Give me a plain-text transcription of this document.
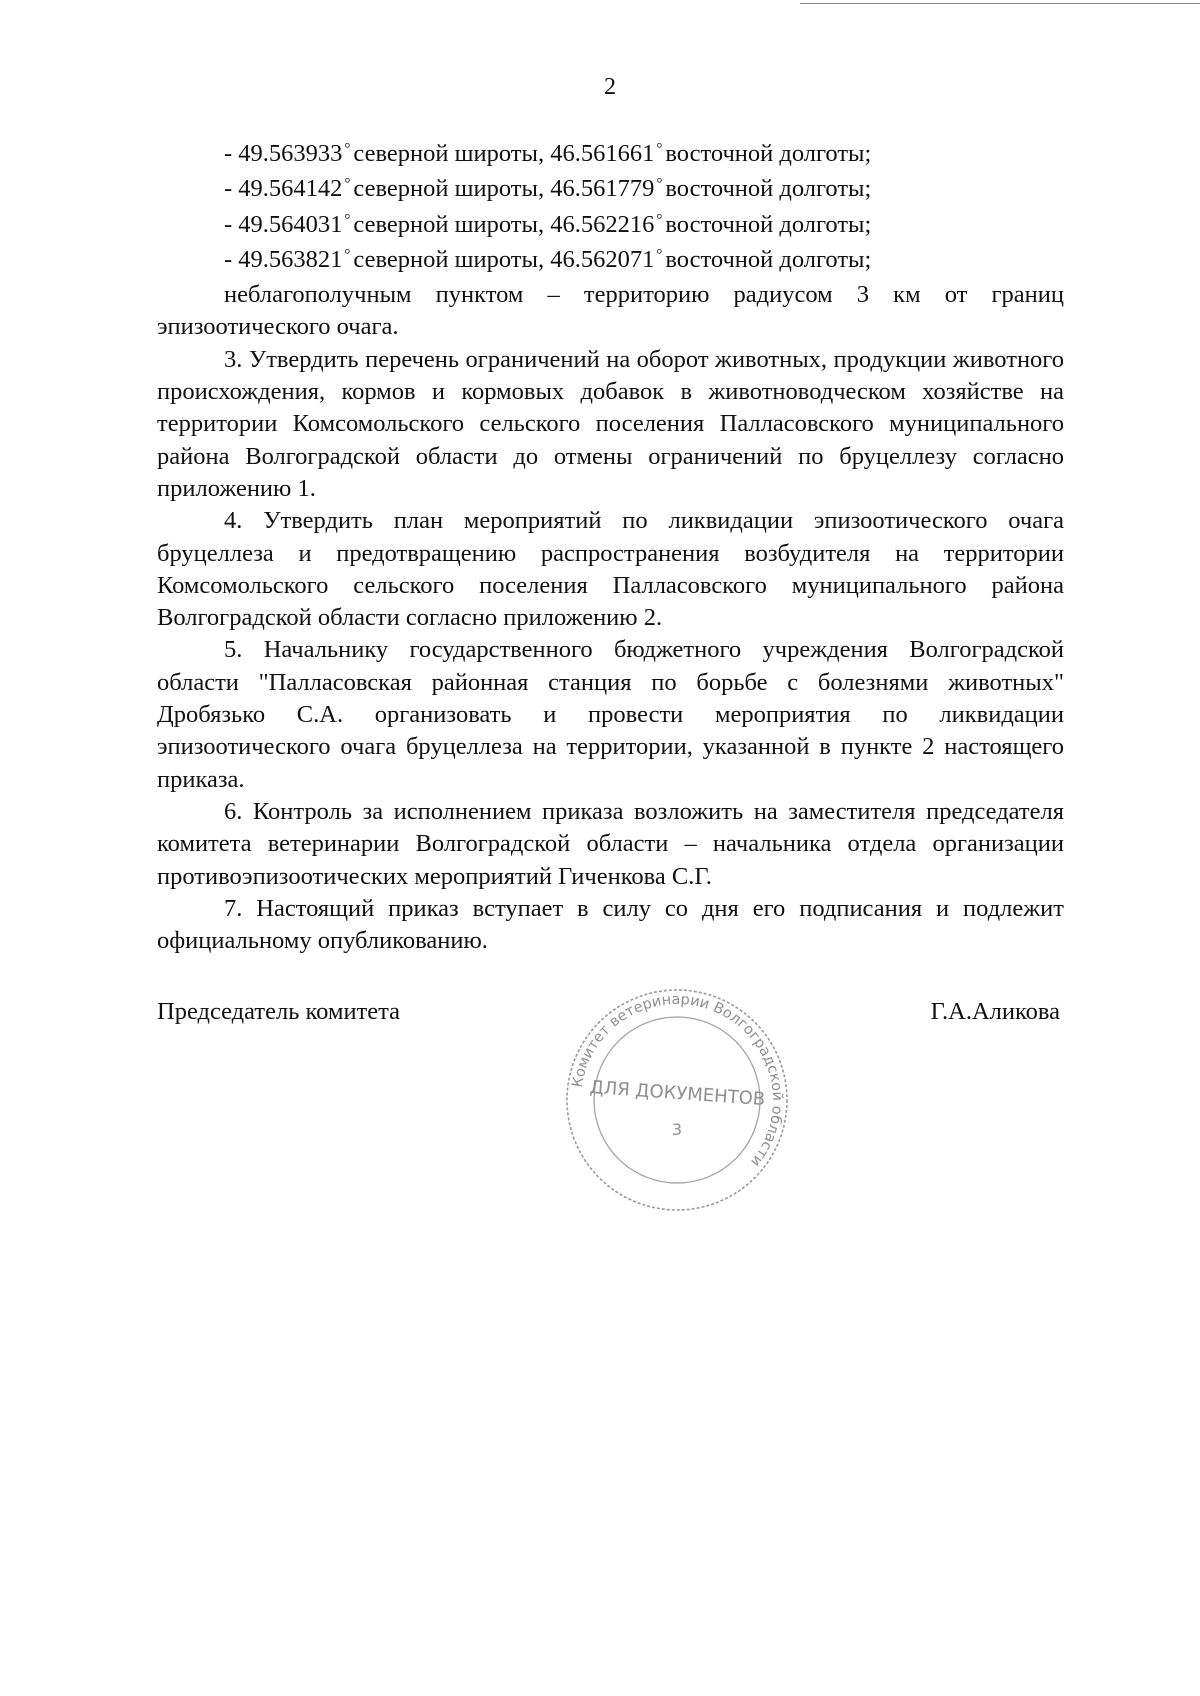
2

- 49.563933 ° северной широты, 46.561661 ° восточной долготы;

- 49.564142 ° северной широты, 46.561779 ° восточной долготы;

- 49.564031 ° северной широты, 46.562216 ° восточной долготы;

- 49.563821 ° северной широты, 46.562071 ° восточной долготы;

неблагополучным пунктом – территорию радиусом 3 км от границ эпизоотического очага.

3. Утвердить перечень ограничений на оборот животных, продукции животного происхождения, кормов и кормовых добавок в животноводческом хозяйстве на территории Комсомольского сельского поселения Палласовского муниципального района Волгоградской области до отмены ограничений по бруцеллезу согласно приложению 1.

4. Утвердить план мероприятий по ликвидации эпизоотического очага бруцеллеза и предотвращению распространения возбудителя на территории Комсомольского сельского поселения Палласовского муниципального района Волгоградской области согласно приложению 2.

5. Начальнику государственного бюджетного учреждения Волгоградской области "Палласовская районная станция по борьбе с болезнями животных" Дробязько С.А. организовать и провести мероприятия по ликвидации эпизоотического очага бруцеллеза на территории, указанной в пункте 2 настоящего приказа.

6. Контроль за исполнением приказа возложить на заместителя председателя комитета ветеринарии Волгоградской области – начальника отдела организации противоэпизоотических мероприятий Гиченкова С.Г.

7. Настоящий приказ вступает в силу со дня его подписания и подлежит официальному опубликованию.

Председатель комитета	Г.А.Аликова
Комитет ветеринарии Волгоградской области
ДЛЯ ДОКУМЕНТОВ
3
